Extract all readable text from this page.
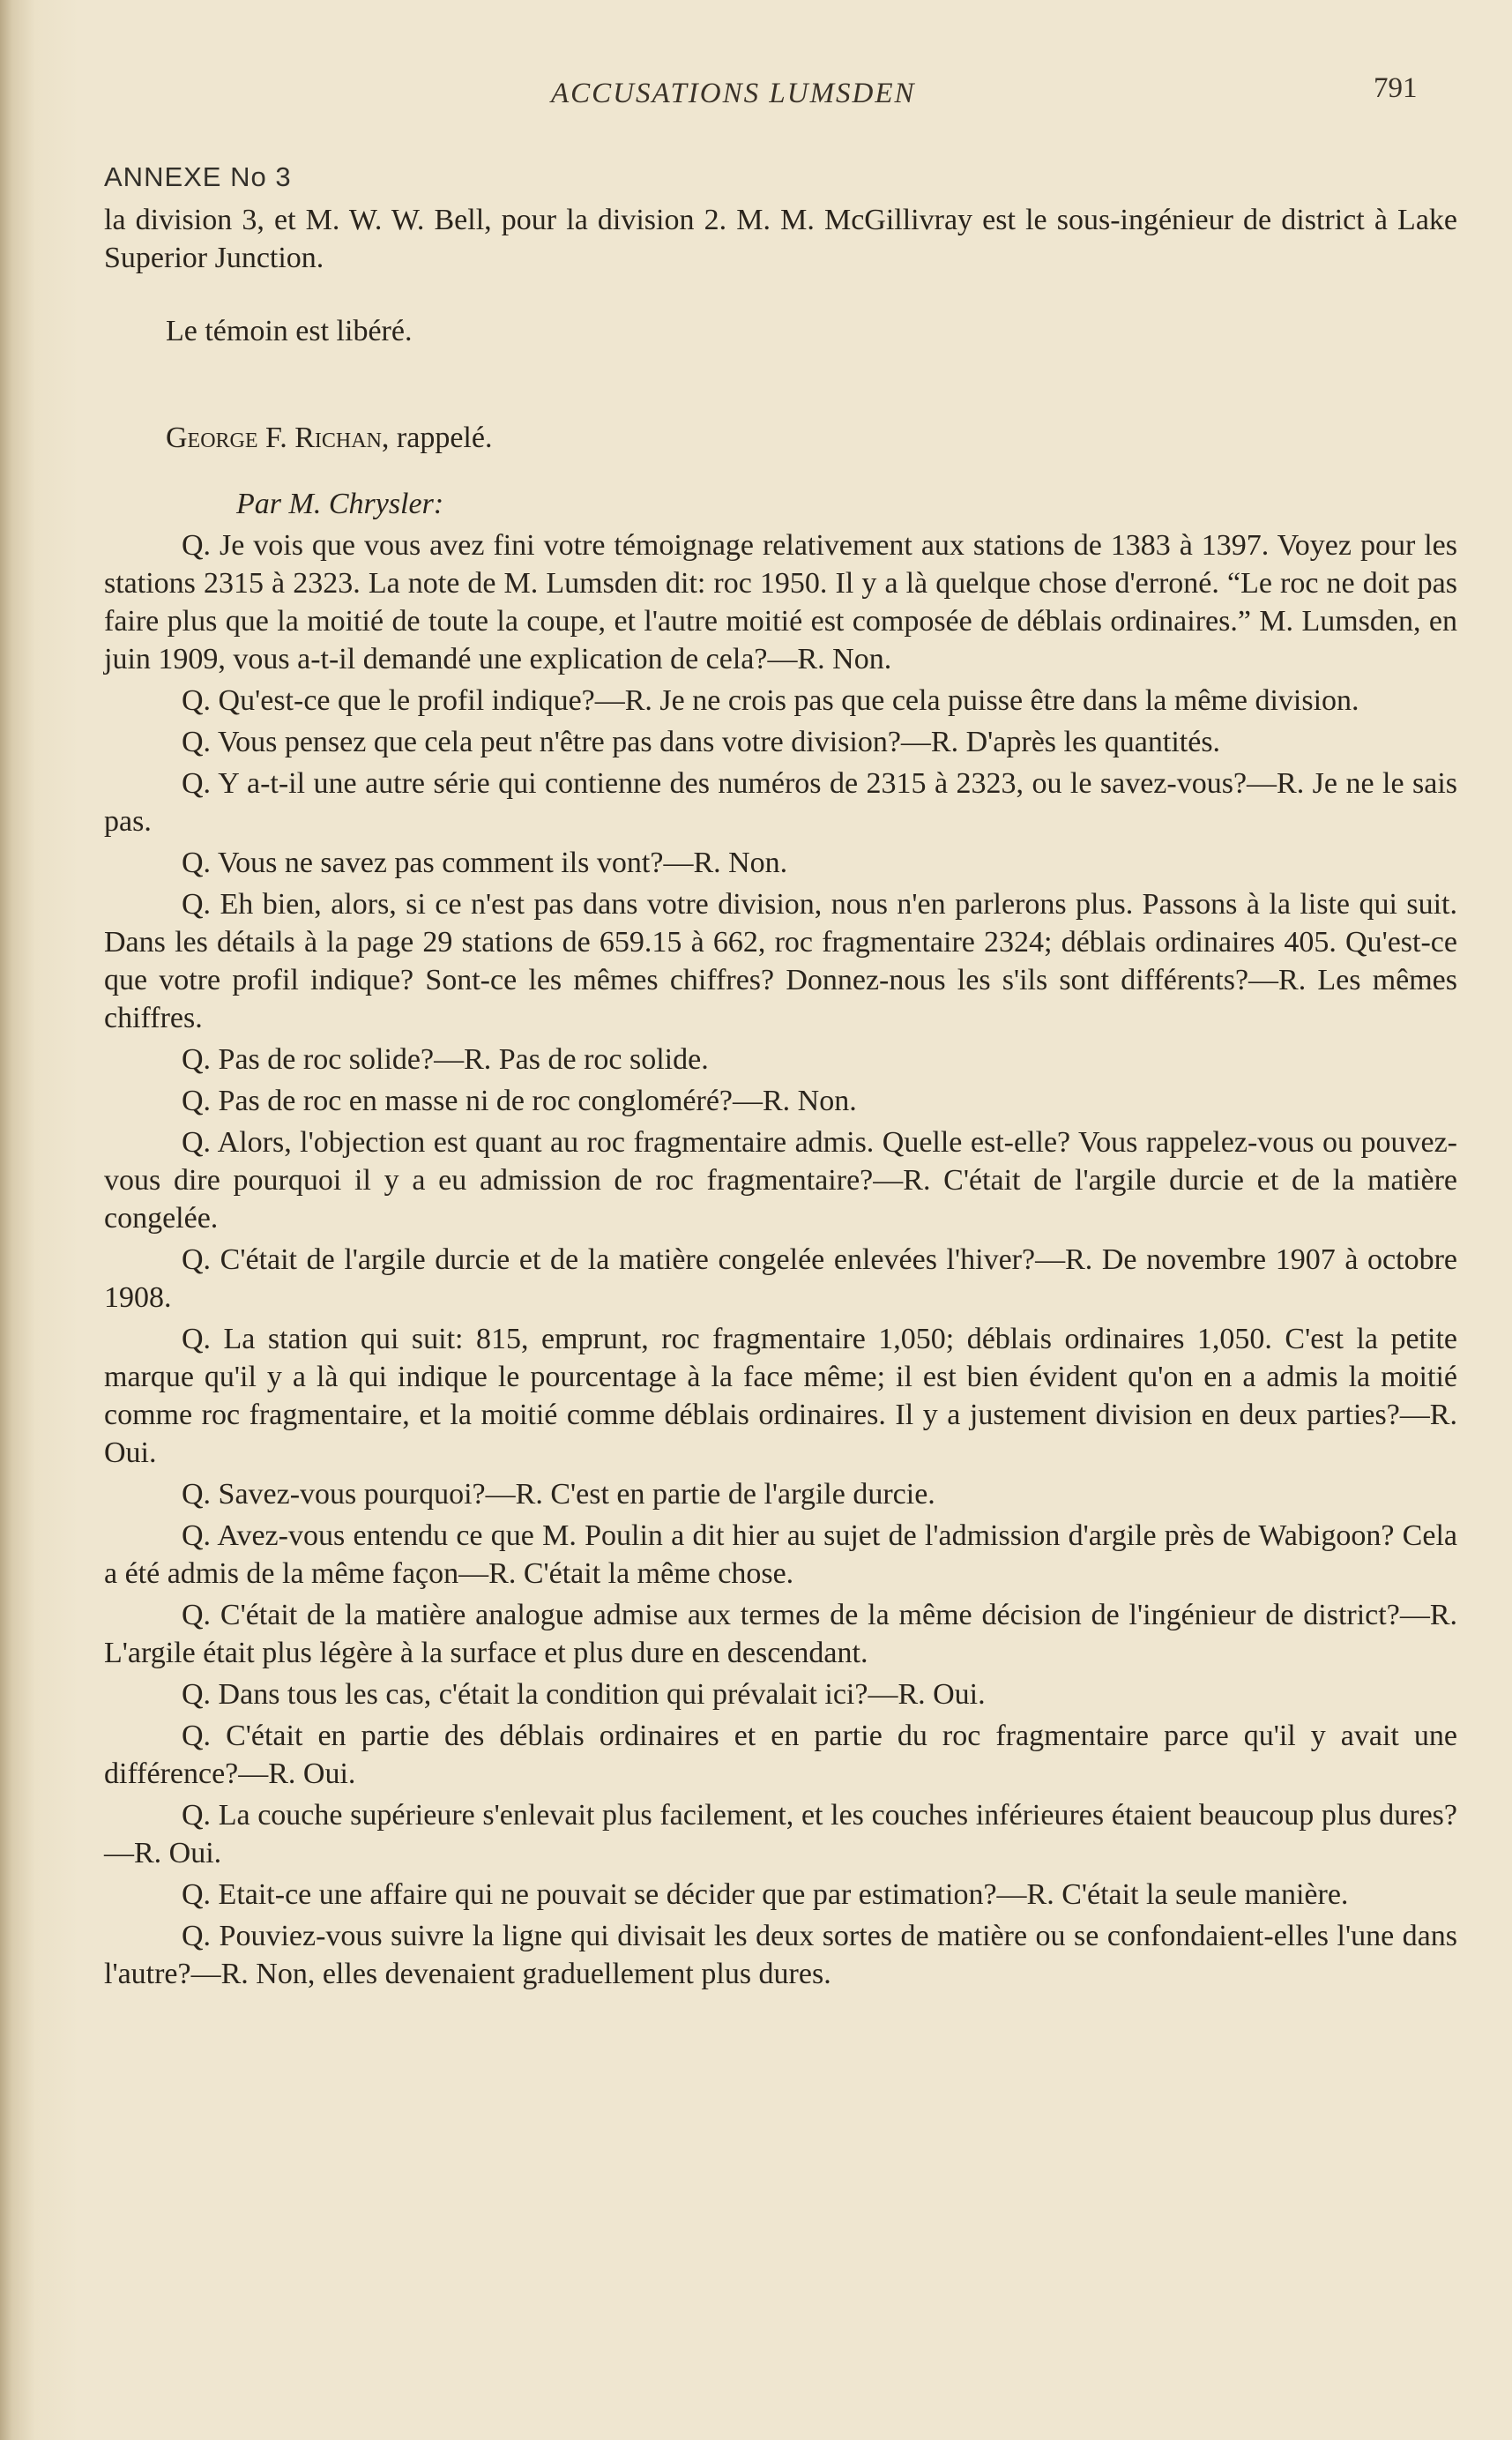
ACCUSATIONS LUMSDEN	791
ANNEXE No 3

la division 3, et M. W. W. Bell, pour la division 2. M. M. McGillivray est le sous-ingénieur de district à Lake Superior Junction.

Le témoin est libéré.

George F. Richan, rappelé.

Par M. Chrysler:

Q. Je vois que vous avez fini votre témoignage relativement aux stations de 1383 à 1397. Voyez pour les stations 2315 à 2323. La note de M. Lumsden dit: roc 1950. Il y a là quelque chose d'erroné. “Le roc ne doit pas faire plus que la moitié de toute la coupe, et l'autre moitié est composée de déblais ordinaires.” M. Lumsden, en juin 1909, vous a-t-il demandé une explication de cela?—R. Non.

Q. Qu'est-ce que le profil indique?—R. Je ne crois pas que cela puisse être dans la même division.

Q. Vous pensez que cela peut n'être pas dans votre division?—R. D'après les quantités.

Q. Y a-t-il une autre série qui contienne des numéros de 2315 à 2323, ou le savez-vous?—R. Je ne le sais pas.

Q. Vous ne savez pas comment ils vont?—R. Non.

Q. Eh bien, alors, si ce n'est pas dans votre division, nous n'en parlerons plus. Passons à la liste qui suit. Dans les détails à la page 29 stations de 659.15 à 662, roc fragmentaire 2324; déblais ordinaires 405. Qu'est-ce que votre profil indique? Sont-ce les mêmes chiffres? Donnez-nous les s'ils sont différents?—R. Les mêmes chiffres.

Q. Pas de roc solide?—R. Pas de roc solide.

Q. Pas de roc en masse ni de roc congloméré?—R. Non.

Q. Alors, l'objection est quant au roc fragmentaire admis. Quelle est-elle? Vous rappelez-vous ou pouvez-vous dire pourquoi il y a eu admission de roc fragmentaire?—R. C'était de l'argile durcie et de la matière congelée.

Q. C'était de l'argile durcie et de la matière congelée enlevées l'hiver?—R. De novembre 1907 à octobre 1908.

Q. La station qui suit: 815, emprunt, roc fragmentaire 1,050; déblais ordinaires 1,050. C'est la petite marque qu'il y a là qui indique le pourcentage à la face même; il est bien évident qu'on en a admis la moitié comme roc fragmentaire, et la moitié comme déblais ordinaires. Il y a justement division en deux parties?—R. Oui.

Q. Savez-vous pourquoi?—R. C'est en partie de l'argile durcie.

Q. Avez-vous entendu ce que M. Poulin a dit hier au sujet de l'admission d'argile près de Wabigoon? Cela a été admis de la même façon—R. C'était la même chose.

Q. C'était de la matière analogue admise aux termes de la même décision de l'ingénieur de district?—R. L'argile était plus légère à la surface et plus dure en descendant.

Q. Dans tous les cas, c'était la condition qui prévalait ici?—R. Oui.

Q. C'était en partie des déblais ordinaires et en partie du roc fragmentaire parce qu'il y avait une différence?—R. Oui.

Q. La couche supérieure s'enlevait plus facilement, et les couches inférieures étaient beaucoup plus dures?—R. Oui.

Q. Etait-ce une affaire qui ne pouvait se décider que par estimation?—R. C'était la seule manière.

Q. Pouviez-vous suivre la ligne qui divisait les deux sortes de matière ou se confondaient-elles l'une dans l'autre?—R. Non, elles devenaient graduellement plus dures.
